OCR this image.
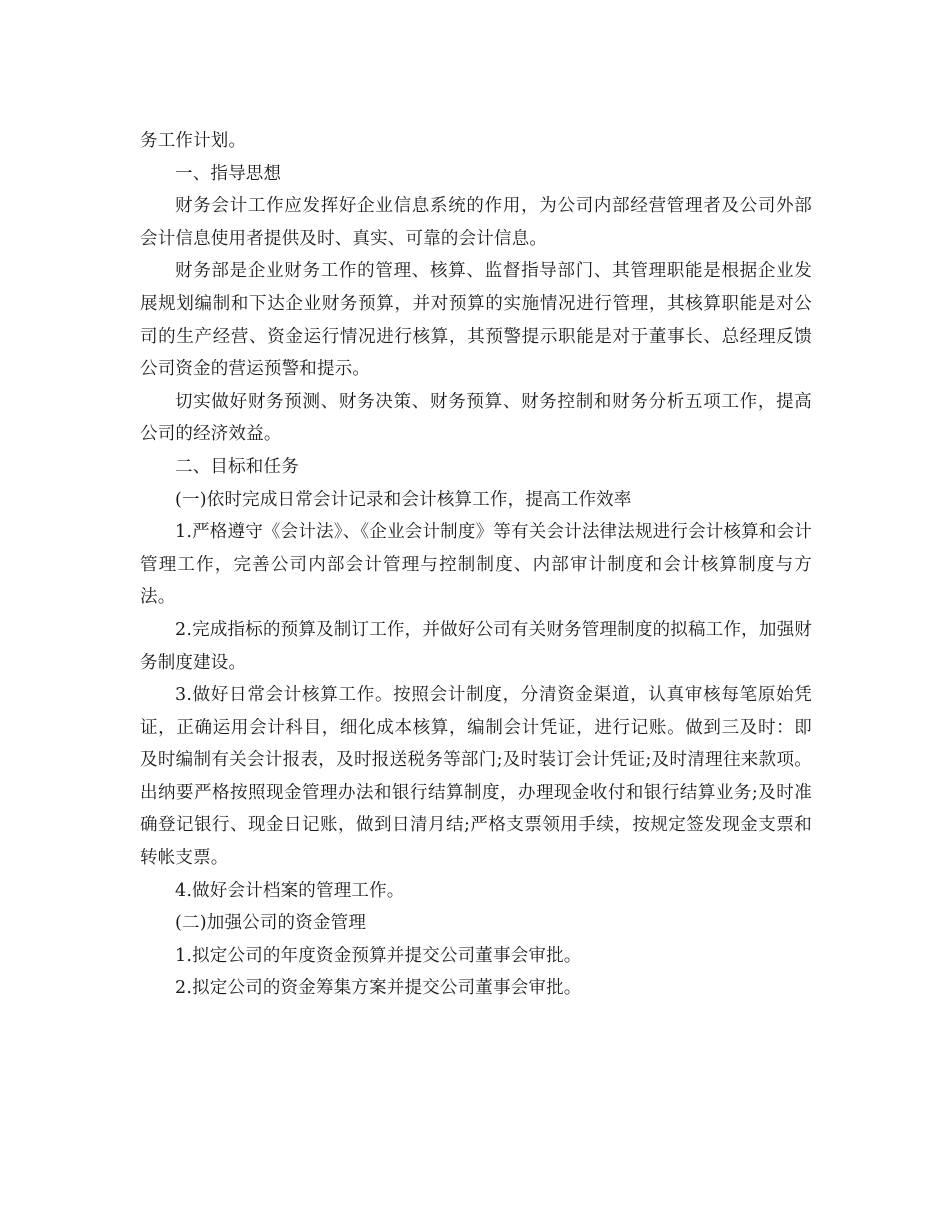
务工作计划。

一、指导思想

财务会计工作应发挥好企业信息系统的作用，为公司内部经营管理者及公司外部会计信息使用者提供及时、真实、可靠的会计信息。

财务部是企业财务工作的管理、核算、监督指导部门、其管理职能是根据企业发展规划编制和下达企业财务预算，并对预算的实施情况进行管理，其核算职能是对公司的生产经营、资金运行情况进行核算，其预警提示职能是对于董事长、总经理反馈公司资金的营运预警和提示。

切实做好财务预测、财务决策、财务预算、财务控制和财务分析五项工作，提高公司的经济效益。

二、目标和任务

(一)依时完成日常会计记录和会计核算工作，提高工作效率

1.严格遵守《会计法》、《企业会计制度》等有关会计法律法规进行会计核算和会计管理工作，完善公司内部会计管理与控制制度、内部审计制度和会计核算制度与方法。

2.完成指标的预算及制订工作，并做好公司有关财务管理制度的拟稿工作，加强财务制度建设。

3.做好日常会计核算工作。按照会计制度，分清资金渠道，认真审核每笔原始凭证，正确运用会计科目，细化成本核算，编制会计凭证，进行记账。做到三及时：即及时编制有关会计报表，及时报送税务等部门;及时装订会计凭证;及时清理往来款项。出纳要严格按照现金管理办法和银行结算制度，办理现金收付和银行结算业务;及时准确登记银行、现金日记账，做到日清月结;严格支票领用手续，按规定签发现金支票和转帐支票。

4.做好会计档案的管理工作。

(二)加强公司的资金管理

1.拟定公司的年度资金预算并提交公司董事会审批。

2.拟定公司的资金筹集方案并提交公司董事会审批。
